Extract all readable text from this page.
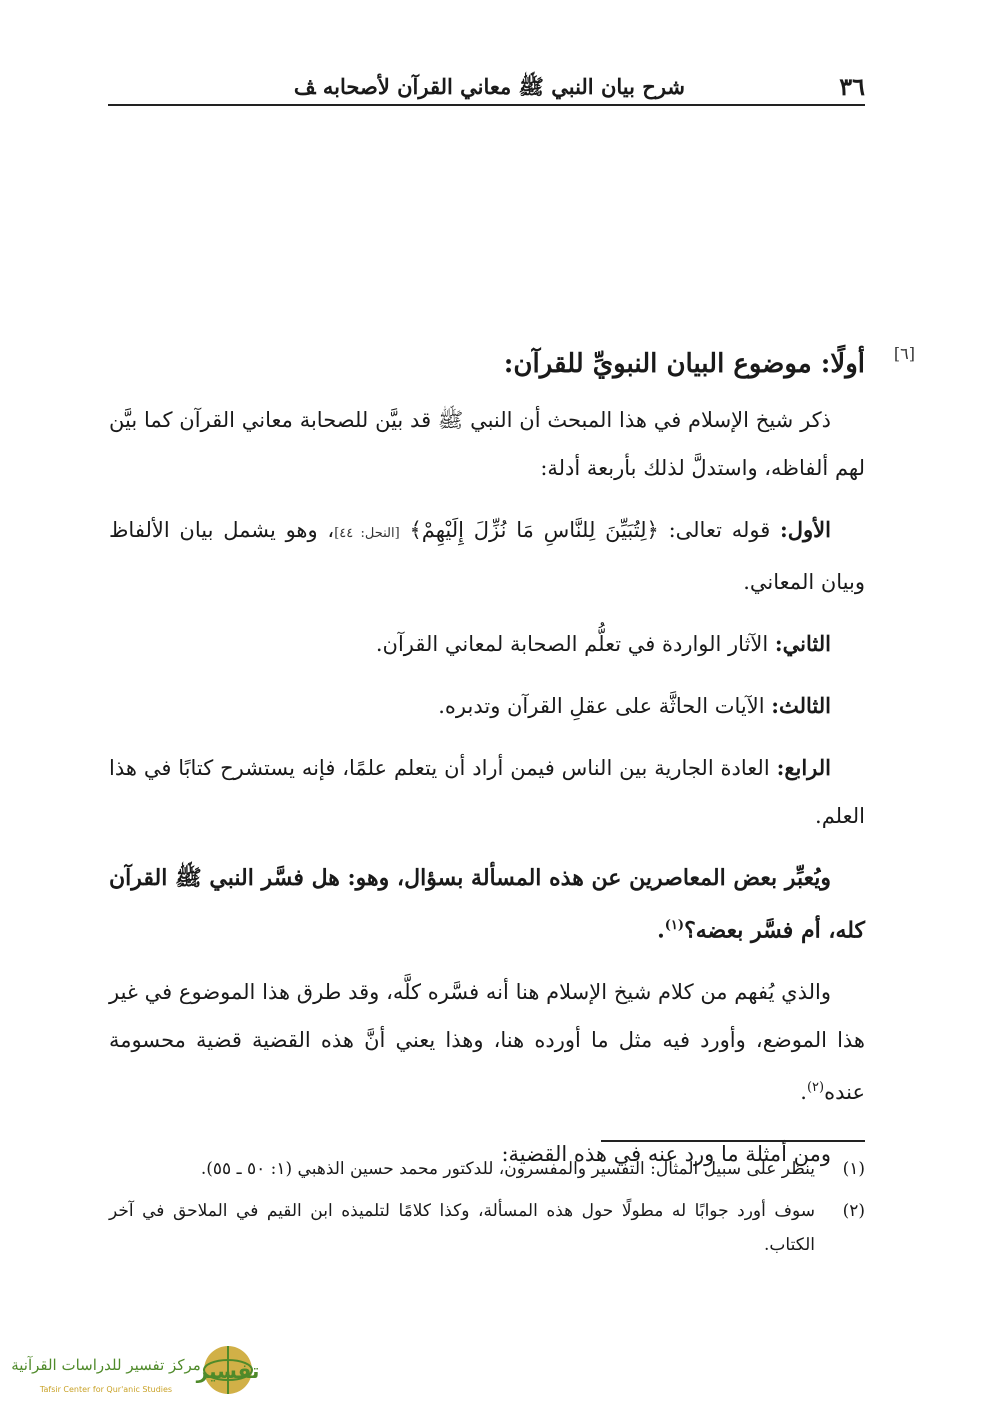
٣٦
شرح بيان النبي ﷺ معاني القرآن لأصحابه ﭫ
[٦]
أولًا: موضوع البيان النبويِّ للقرآن:

ذكر شيخ الإسلام في هذا المبحث أن النبي ﷺ قد بيَّن للصحابة معاني القرآن كما بيَّن لهم ألفاظه، واستدلَّ لذلك بأربعة أدلة:

الأول: قوله تعالى: ﴿لِتُبَيِّنَ لِلنَّاسِ مَا نُزِّلَ إِلَيْهِمْ﴾ [النحل: ٤٤]، وهو يشمل بيان الألفاظ وبيان المعاني.

الثاني: الآثار الواردة في تعلُّم الصحابة لمعاني القرآن.

الثالث: الآيات الحاثَّة على عقلِ القرآن وتدبره.

الرابع: العادة الجارية بين الناس فيمن أراد أن يتعلم علمًا، فإنه يستشرح كتابًا في هذا العلم.

ويُعبِّر بعض المعاصرين عن هذه المسألة بسؤال، وهو: هل فسَّر النبي ﷺ القرآن كله، أم فسَّر بعضه؟$^{(١)}$.

والذي يُفهم من كلام شيخ الإسلام هنا أنه فسَّره كلَّه، وقد طرق هذا الموضوع في غير هذا الموضع، وأورد فيه مثل ما أورده هنا، وهذا يعني أنَّ هذه القضية قضية محسومة عنده$^{(٢)}$.

ومن أمثلة ما ورد عنه في هذه القضية:

(١)
ينظر على سبيل المثال: التفسير والمفسرون، للدكتور محمد حسين الذهبي (١: ٥٠ ـ ٥٥).
(٢)
سوف أورد جوابًا له مطولًا حول هذه المسألة، وكذا كلامًا لتلميذه ابن القيم في الملاحق في آخر الكتاب.
تفسير
مركز تفسير للدراسات القرآنية
Tafsir Center for Qur'anic Studies
